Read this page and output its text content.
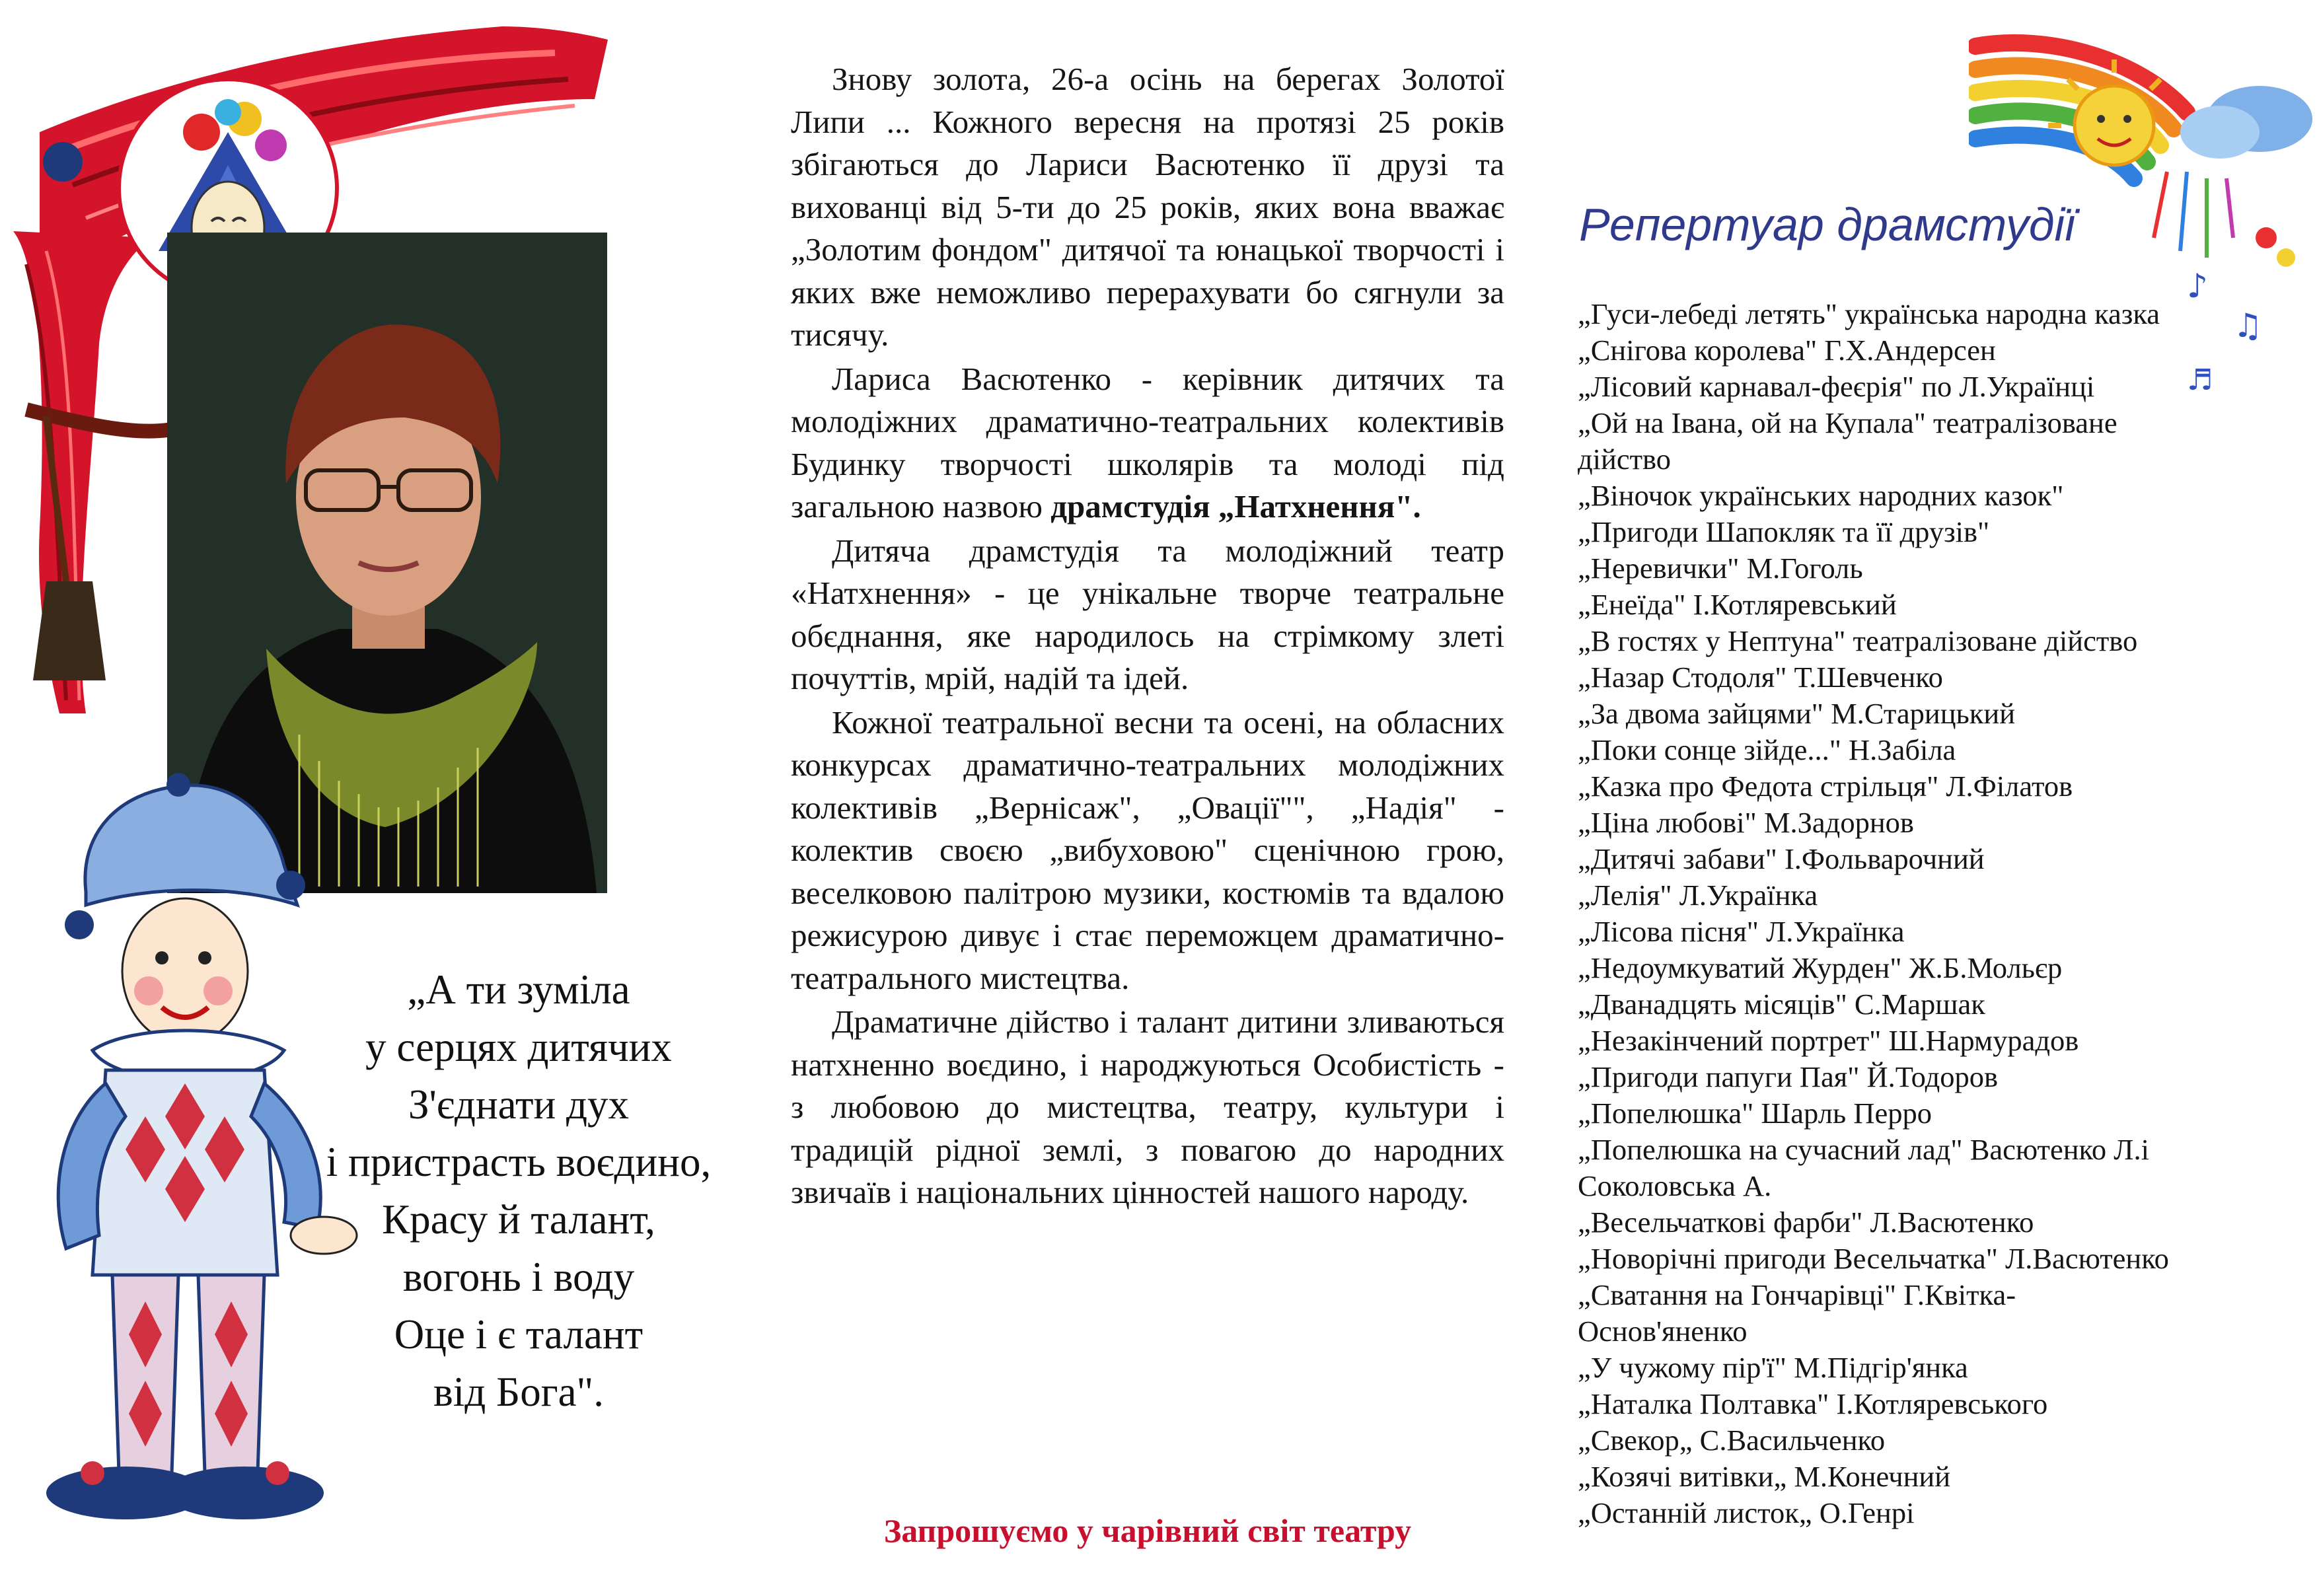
„А ти зуміла
у серцях дитячих
З'єднати дух
і пристрасть воєдино,
Красу й талант,
вогонь і воду
Оце і є талант
від Бога".

Знову золота, 26-а осінь на берегах Золотої Липи ... Кожного вересня на протязі 25 років збігаються до Лариси Васютенко її друзі та вихованці від 5-ти до 25 років, яких вона вважає „Золотим фондом" дитячої та юнацької творчості і яких вже неможливо перерахувати бо сягнули за тисячу.

Лариса Васютенко - керівник дитячих та молодіжних драматично-театральних колективів Будинку творчості школярів та молоді під загальною назвою драмстудія „Натхнення".

Дитяча драмстудія та молодіжний театр «Натхнення» - це унікальне творче театральне обєднання, яке народилось на стрімкому злеті почуттів, мрій, надій та ідей.

Кожної театральної весни та осені, на обласних конкурсах драматично-театральних молодіжних колективів „Вернісаж", „Овації"", „Надія" - колектив своєю „вибуховою" сценічною грою, веселковою палітрою музики, костюмів та вдалою режисурою дивує і стає переможцем драматично-театрального мистецтва.

Драматичне дійство і талант дитини зливаються натхненно воєдино, і народжуються Особистість - з любовою до мистецтва, театру, культури і традицій рідної землі, з повагою до народних звичаїв і національних цінностей нашого народу.

Запрошуємо у чарівний світ театру
♪
♫
♬
Репертуар драмстудії
„Гуси-лебеді летять" українська народна казка
„Снігова королева" Г.Х.Андерсен
„Лісовий карнавал-феєрія" по Л.Українці
„Ой на Івана, ой на Купала" театралізоване дійство
„Віночок українських народних казок"
„Пригоди Шапокляк та її друзів"
„Неревички" М.Гоголь
„Енеїда" І.Котляревський
„В гостях у Нептуна" театралізоване дійство
„Назар Стодоля" Т.Шевченко
„За двома зайцями" М.Старицький
„Поки сонце зійде..." Н.Забіла
„Казка про Федота стрільця" Л.Філатов
„Ціна любові" М.Задорнов
„Дитячі забави" І.Фольварочний
„Лелія" Л.Українка
„Лісова пісня" Л.Українка
„Недоумкуватий Журден" Ж.Б.Мольєр
„Дванадцять місяців" С.Маршак
„Незакінчений портрет" Ш.Нармурадов
„Пригоди папуги Пая" Й.Тодоров
„Попелюшка" Шарль Перро
„Попелюшка на сучасний лад" Васютенко Л.і Соколовська А.
„Весельчаткові фарби" Л.Васютенко
„Новорічні пригоди Весельчатка" Л.Васютенко
„Сватання на Гончарівці" Г.Квітка-Основ'яненко
„У чужому пір'ї" М.Підгір'янка
„Наталка Полтавка" І.Котляревського
„Свекор„ С.Васильченко
„Козячі витівки„ М.Конечний
„Останній листок„ О.Генрі
